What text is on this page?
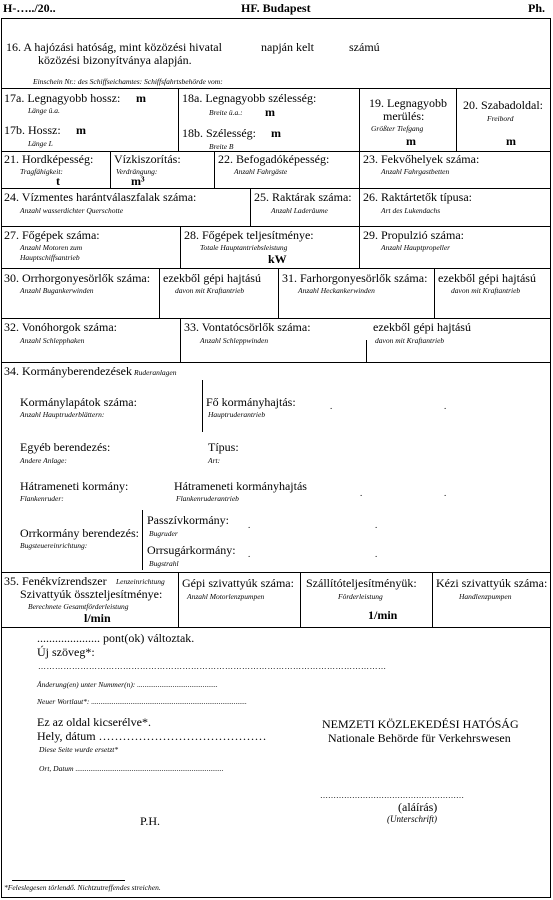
H-…../20..	HF. Budapest	Ph.
16. A hajózási hatóság, mint közözési hivatal	napján kelt	számú
közözési bizonyítványa alapján.
Einschein Nr.: des Schiffseichamtes: Schiffsfahrtsbehörde vom:
17a. Legnagyobb hossz: m
Länge ü.a.
17b. Hossz: m
Länge L
18a. Legnagyobb szélesség:
Breite ü.a.: m
18b. Szélesség: m
Breite B
19. Legnagyobb
merülés:
Größter Tiefgang
m
20. Szabadoldal:
Freibord
m
21. Hordképesség:
Tragfähigkeit:
t
Vízkiszorítás:
Verdrängung:
m³
22. Befogadóképesség:
Anzahl Fahrgäste
23. Fekvőhelyek száma:
Anzahl Fahrgastbetten
24. Vízmentes harántválaszfalak száma:
Anzahl wasserdichter Querschotte
25. Raktárak száma:
Anzahl Laderäume
26. Raktártetők típusa:
Art des Lukendachs
27. Főgépek száma:
Anzahl Motoren zum
Hauptschiffsantrieb
28. Főgépek teljesítménye:
Totale Hauptantriebsleistung
kW
29. Propulzió száma:
Anzahl Hauptpropeller
30. Orrhorgonyesörlők száma:
Anzahl Bugankerwinden
ezekből gépi hajtású
davon mit Kraftantrieb
31. Farhorgonyesörlők száma:
Anzahl Heckankerwinden
ezekből gépi hajtású
davon mit Kraftantrieb
32. Vonóhorgok száma:
Anzahl Schlepphaken
33. Vontatócsörlők száma:
Anzahl Schleppwinden
ezekből gépi hajtású
davon mit Kraftantrieb
34. Kormányberendezések Ruderanlagen
Kormánylapátok száma:
Anzahl Hauptruderblättern:
Fő kormányhajtás:
Hauptruderantrieb
.	.
Egyéb berendezés:
Andere Anlage:
Típus:
Art:
Hátrameneti kormány:
Flankenruder:
Hátrameneti kormányhajtás
Flankenruderantrieb
.	.
Orrkormány berendezés:
Bugsteuereinrichtung:
Passzívkormány:
Bugruder
.	.
Orrsugárkormány:
Bugstrahl
.	.
35. Fenékvízrendszer Lenzeinrichtung
Szivattyúk összteljesítménye:
Berechnete Gesamtförderleistung
l/min
Gépi szivattyúk száma:
Anzahl Motorlenzpumpen
Szállítóteljesítményük:
Förderleistung
1/min
Kézi szivattyúk száma:
Handlenzpumpen
..................... pont(ok) változtak.
Új szöveg*:
……………………………………………………………………………………………………………
Änderung(en) unter Nummer(n): ...........................................
Neuer Wortlaut*: ...................................................................................
Ez az oldal kicserélve*.
Hely, dátum ……………………………………
Diese Seite wurde ersetzt*
Ort, Datum ...............................................................................
NEMZETI KÖZLEKEDÉSI HATÓSÁG
Nationale Behörde für Verkehrswesen
………………………………………………
(aláírás)
(Unterschrift)
P.H.
*Feleslegesen törlendő. Nichtzutreffendes streichen.
